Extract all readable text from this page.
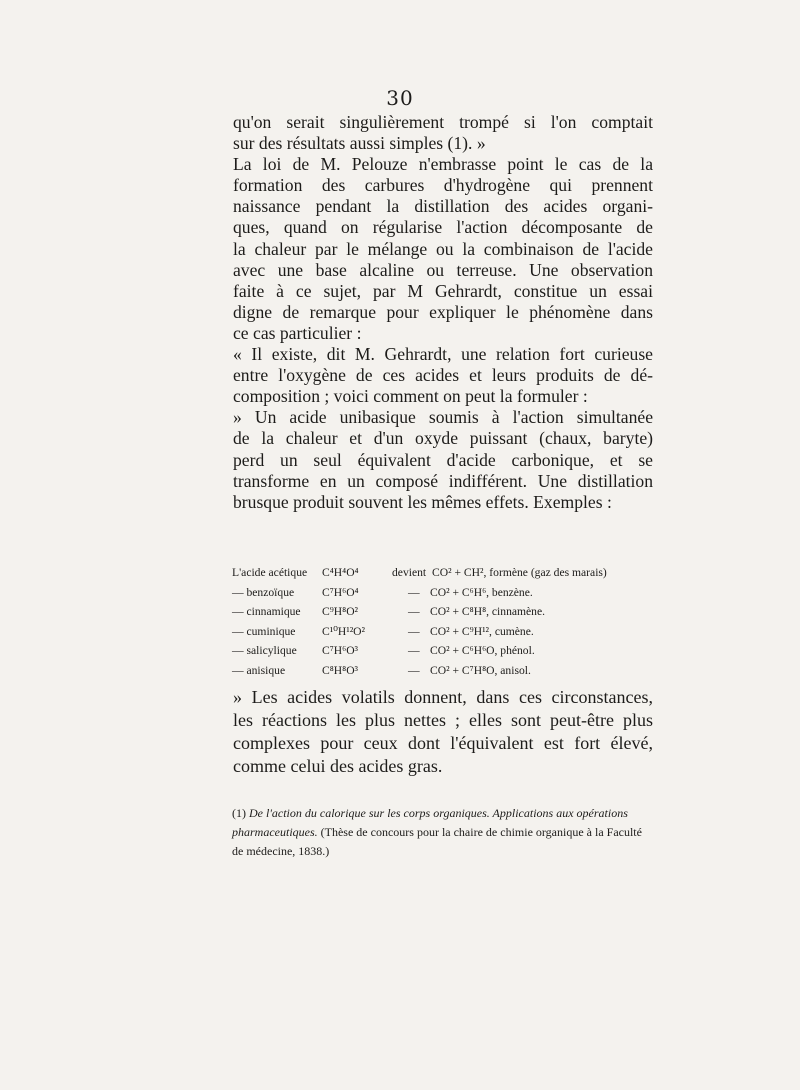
30
qu'on serait singulièrement trompé si l'on comptait
sur des résultats aussi simples (1). »
La loi de M. Pelouze n'embrasse point le cas de la
formation des carbures d'hydrogène qui prennent
naissance pendant la distillation des acides organi-
ques, quand on régularise l'action décomposante de
la chaleur par le mélange ou la combinaison de l'acide
avec une base alcaline ou terreuse. Une observation
faite à ce sujet, par M Gehrardt, constitue un essai
digne de remarque pour expliquer le phénomène dans
ce cas particulier :
« Il existe, dit M. Gehrardt, une relation fort curieuse
entre l'oxygène de ces acides et leurs produits de dé-
composition ; voici comment on peut la formuler :
» Un acide unibasique soumis à l'action simultanée
de la chaleur et d'un oxyde puissant (chaux, baryte)
perd un seul équivalent d'acide carbonique, et se
transforme en un composé indifférent. Une distillation
brusque produit souvent les mêmes effets. Exemples :
L'acide acétique C⁴H⁴O⁴	devient CO² + CH², formène (gaz des marais)
— benzoïque C⁷H⁶O⁴	— CO² + C⁶H⁶, benzène.
— cinnamique C⁹H⁸O²	— CO² + C⁸H⁸, cinnamène.
— cuminique C¹⁰H¹²O²	— CO² + C⁹H¹², cumène.
— salicylique C⁷H⁶O³	— CO² + C⁶H⁶O, phénol.
— anisique	C⁸H⁸O³	— CO² + C⁷H⁸O, anisol.
» Les acides volatils donnent, dans ces circonstances,
les réactions les plus nettes ; elles sont peut-être plus
complexes pour ceux dont l'équivalent est fort élevé,
comme celui des acides gras.
(1) De l'action du calorique sur les corps organiques. Applications aux opérations pharmaceutiques. (Thèse de concours pour la chaire de chimie organique à la Faculté de médecine, 1838.)
